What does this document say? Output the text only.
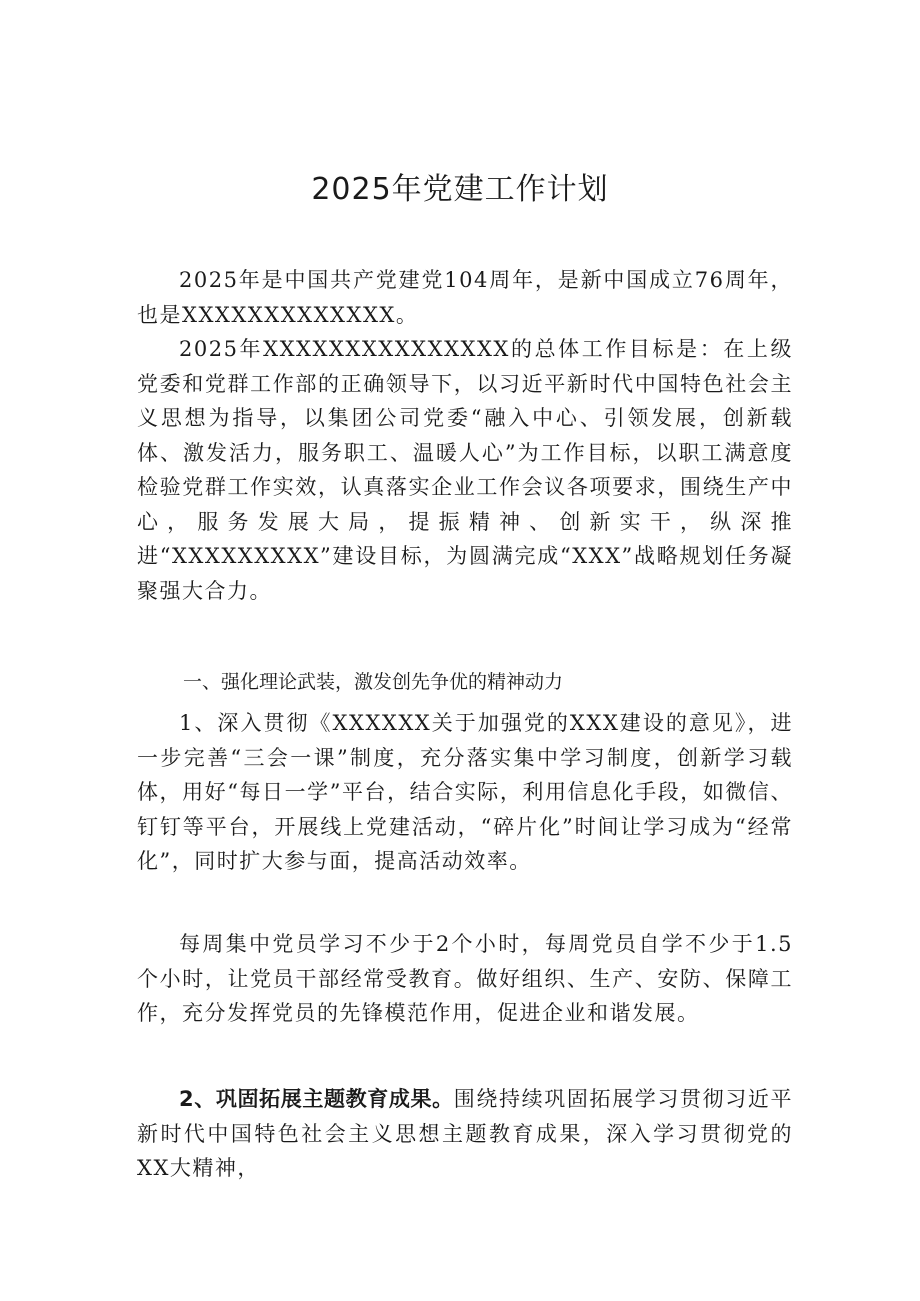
2025年党建工作计划

2025年是中国共产党建党104周年，是新中国成立76周年，也是XXXXXXXXXXXXX。

2025年XXXXXXXXXXXXXXX的总体工作目标是：在上级党委和党群工作部的正确领导下，以习近平新时代中国特色社会主义思想为指导，以集团公司党委“融入中心、引领发展，创新载体、激发活力，服务职工、温暖人心”为工作目标，以职工满意度检验党群工作实效，认真落实企业工作会议各项要求，围绕生产中心，服务发展大局，提振精神、创新实干，纵深推进“XXXXXXXXX”建设目标，为圆满完成“XXX”战略规划任务凝聚强大合力。

一、强化理论武装，激发创先争优的精神动力

1、深入贯彻《XXXXXX关于加强党的XXX建设的意见》，进一步完善“三会一课”制度，充分落实集中学习制度，创新学习载体，用好“每日一学”平台，结合实际，利用信息化手段，如微信、钉钉等平台，开展线上党建活动，“碎片化”时间让学习成为“经常化”，同时扩大参与面，提高活动效率。

每周集中党员学习不少于2个小时，每周党员自学不少于1.5个小时，让党员干部经常受教育。做好组织、生产、安防、保障工作，充分发挥党员的先锋模范作用，促进企业和谐发展。

2、巩固拓展主题教育成果。围绕持续巩固拓展学习贯彻习近平新时代中国特色社会主义思想主题教育成果，深入学习贯彻党的XX大精神，
